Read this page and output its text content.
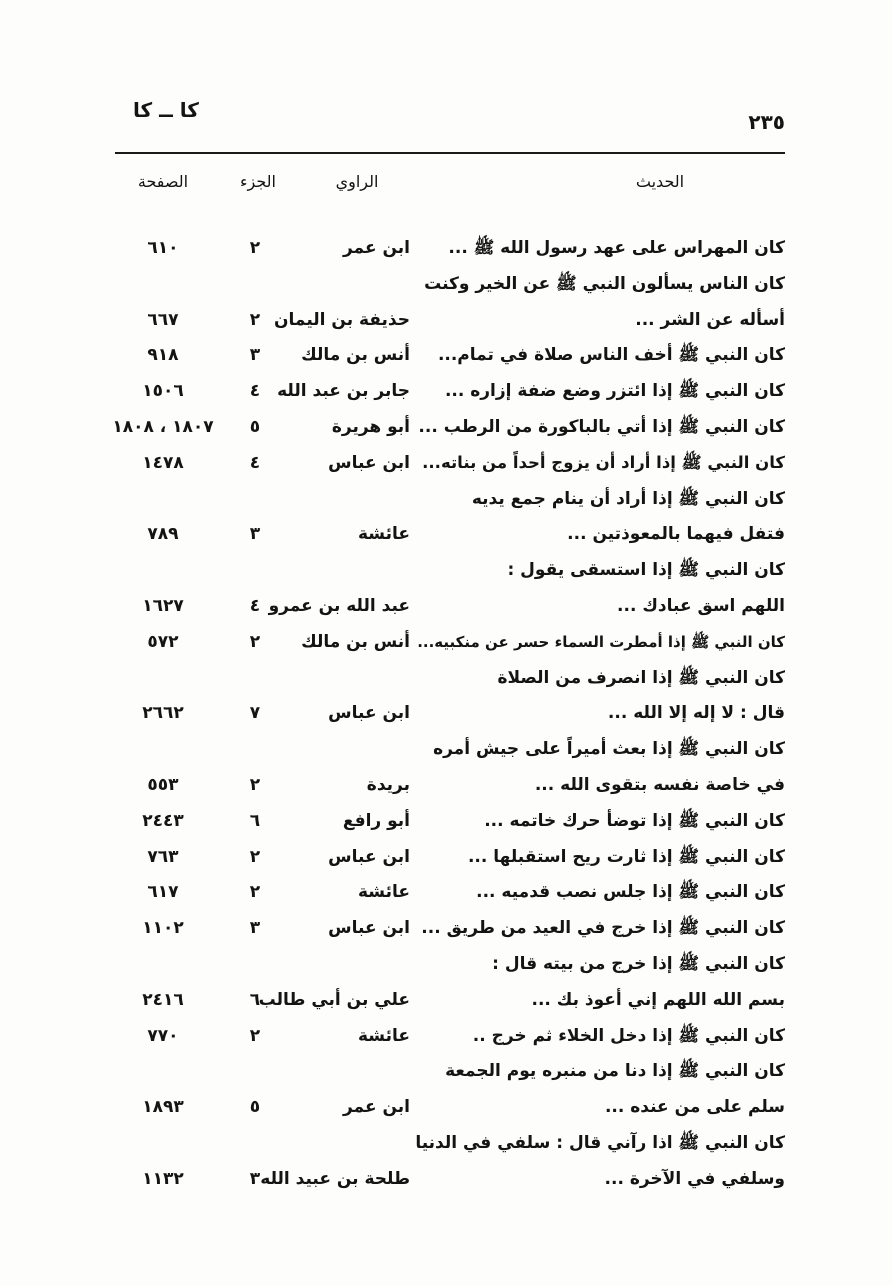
كا ــ كا	٢٣٥
الحديث
الراوي
الجزء
الصفحة
كان المهراس على عهد رسول الله ﷺ ...
ابن عمر
٢
٦١٠
كان الناس يسألون النبي ﷺ عن الخير وكنت
أسأله عن الشر ...
حذيفة بن اليمان
٢
٦٦٧
كان النبي ﷺ أخف الناس صلاة في تمام...
أنس بن مالك
٣
٩١٨
كان النبي ﷺ إذا ائتزر وضع ضفة إزاره ...
جابر بن عبد الله
٤
١٥٠٦
كان النبي ﷺ إذا أتي بالباكورة من الرطب ...
أبو هريرة
٥
١٨٠٧ ، ١٨٠٨
كان النبي ﷺ إذا أراد أن يزوج أحداً من بناته...
ابن عباس
٤
١٤٧٨
كان النبي ﷺ إذا أراد أن ينام جمع يديه
فتفل فيهما بالمعوذتين ...
عائشة
٣
٧٨٩
كان النبي ﷺ إذا استسقى يقول :
اللهم اسق عبادك ...
عبد الله بن عمرو
٤
١٦٢٧
كان النبي ﷺ إذا أمطرت السماء حسر عن منكبيه...
أنس بن مالك
٢
٥٧٢
كان النبي ﷺ إذا انصرف من الصلاة
قال : لا إله إلا الله ...
ابن عباس
٧
٢٦٦٢
كان النبي ﷺ إذا بعث أميراً على جيش أمره
في خاصة نفسه بتقوى الله ...
بريدة
٢
٥٥٣
كان النبي ﷺ إذا توضأ حرك خاتمه ...
أبو رافع
٦
٢٤٤٣
كان النبي ﷺ إذا ثارت ريح استقبلها ...
ابن عباس
٢
٧٦٣
كان النبي ﷺ إذا جلس نصب قدميه ...
عائشة
٢
٦١٧
كان النبي ﷺ إذا خرج في العيد من طريق ...
ابن عباس
٣
١١٠٢
كان النبي ﷺ إذا خرج من بيته قال :
بسم الله اللهم إني أعوذ بك ...
علي بن أبي طالب
٦
٢٤١٦
كان النبي ﷺ إذا دخل الخلاء ثم خرج ..
عائشة
٢
٧٧٠
كان النبي ﷺ إذا دنا من منبره يوم الجمعة
سلم على من عنده ...
ابن عمر
٥
١٨٩٣
كان النبي ﷺ اذا رآني قال : سلفي في الدنيا
وسلفي في الآخرة ...
طلحة بن عبيد الله
٣
١١٣٢
